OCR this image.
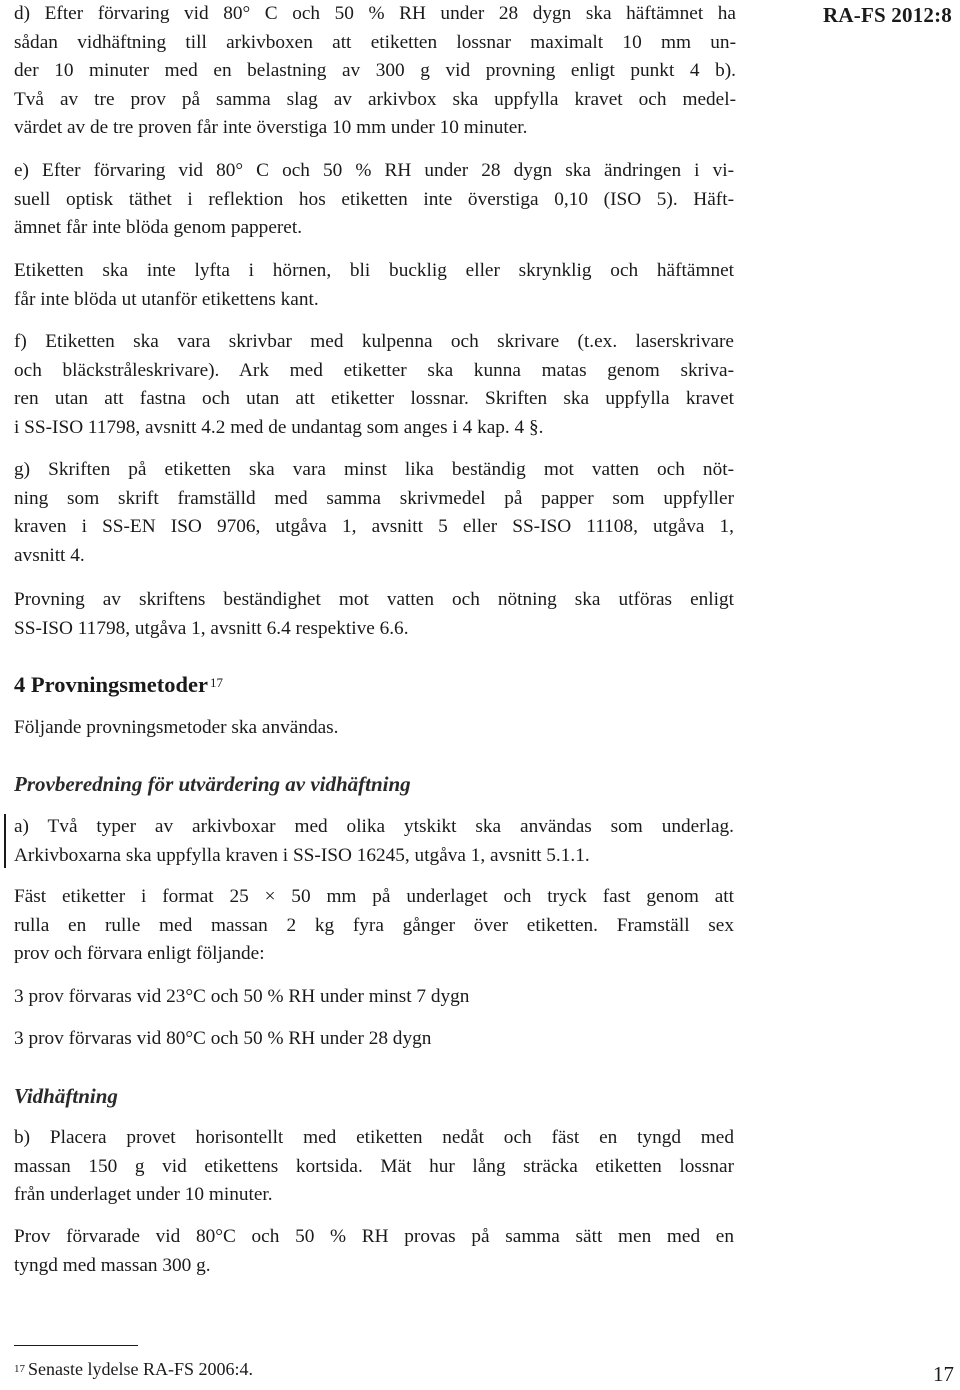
RA-FS 2012:8

d) Efter förvaring vid 80° C och 50 % RH under 28 dygn ska häftämnet ha
sådan vidhäftning till arkivboxen att etiketten lossnar maximalt 10 mm un-
der 10 minuter med en belastning av 300 g vid provning enligt punkt 4 b).
Två av tre prov på samma slag av arkivbox ska uppfylla kravet och medel-
värdet av de tre proven får inte överstiga 10 mm under 10 minuter.
e) Efter förvaring vid 80° C och 50 % RH under 28 dygn ska ändringen i vi-
suell optisk täthet i reflektion hos etiketten inte överstiga 0,10 (ISO 5). Häft-
ämnet får inte blöda genom papperet.
Etiketten ska inte lyfta i hörnen, bli bucklig eller skrynklig och häftämnet
får inte blöda ut utanför etikettens kant.
f) Etiketten ska vara skrivbar med kulpenna och skrivare (t.ex. laserskrivare
och bläckstråleskrivare). Ark med etiketter ska kunna matas genom skriva-
ren utan att fastna och utan att etiketter lossnar. Skriften ska uppfylla kravet
i SS-ISO 11798, avsnitt 4.2 med de undantag som anges i 4 kap. 4 §.
g) Skriften på etiketten ska vara minst lika beständig mot vatten och nöt-
ning som skrift framställd med samma skrivmedel på papper som uppfyller
kraven i SS-EN ISO 9706, utgåva 1, avsnitt 5 eller SS-ISO 11108, utgåva 1,
avsnitt 4.
Provning av skriftens beständighet mot vatten och nötning ska utföras enligt
SS-ISO 11798, utgåva 1, avsnitt 6.4 respektive 6.6.
4 Provningsmetoder $^{17}$
Följande provningsmetoder ska användas.
Provberedning för utvärdering av vidhäftning
a) Två typer av arkivboxar med olika ytskikt ska användas som underlag.
Arkivboxarna ska uppfylla kraven i SS-ISO 16245, utgåva 1, avsnitt 5.1.1.
Fäst etiketter i format 25 × 50 mm på underlaget och tryck fast genom att
rulla en rulle med massan 2 kg fyra gånger över etiketten. Framställ sex
prov och förvara enligt följande:
3 prov förvaras vid 23°C och 50 % RH under minst 7 dygn
3 prov förvaras vid 80°C och 50 % RH under 28 dygn
Vidhäftning
b) Placera provet horisontellt med etiketten nedåt och fäst en tyngd med
massan 150 g vid etikettens kortsida. Mät hur lång sträcka etiketten lossnar
från underlaget under 10 minuter.
Prov förvarade vid 80°C och 50 % RH provas på samma sätt men med en
tyngd med massan 300 g.

$^{17}$ Senaste lydelse RA-FS 2006:4.	17
